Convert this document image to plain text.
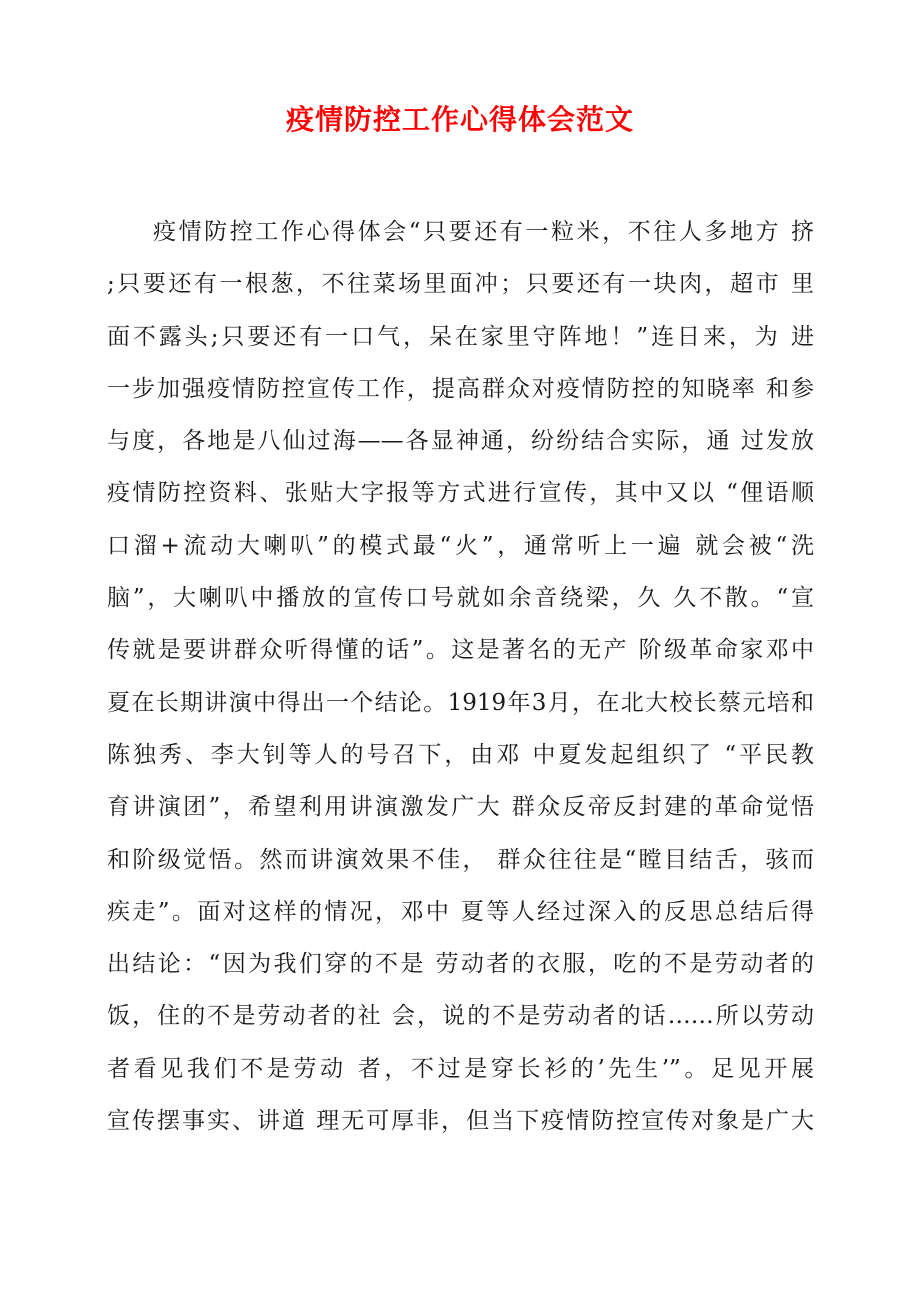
疫情防控工作心得体会范文
疫情防控工作心得体会“只要还有一粒米，不往人多地方 挤
;只要还有一根葱，不往菜场里面冲；只要还有一块肉，超市 里
面不露头;只要还有一口气，呆在家里守阵地！”连日来，为 进
一步加强疫情防控宣传工作，提高群众对疫情防控的知晓率 和参
与度，各地是八仙过海——各显神通，纷纷结合实际，通 过发放
疫情防控资料、张贴大字报等方式进行宣传，其中又以 “俚语顺
口溜+流动大喇叭”的模式最“火”，通常听上一遍 就会被“洗
脑”，大喇叭中播放的宣传口号就如余音绕梁，久 久不散。“宣
传就是要讲群众听得懂的话”。这是著名的无产 阶级革命家邓中
夏在长期讲演中得出一个结论。1919年3月，在北大校长蔡元培和
陈独秀、李大钊等人的号召下，由邓 中夏发起组织了 “平民教
育讲演团”，希望利用讲演激发广大 群众反帝反封建的革命觉悟
和阶级觉悟。然而讲演效果不佳， 群众往往是“瞠目结舌，骇而
疾走”。面对这样的情况，邓中 夏等人经过深入的反思总结后得
出结论：“因为我们穿的不是 劳动者的衣服，吃的不是劳动者的
饭，住的不是劳动者的社 会，说的不是劳动者的话……所以劳动
者看见我们不是劳动 者，不过是穿长衫的’先生’”。足见开展
宣传摆事实、讲道 理无可厚非，但当下疫情防控宣传对象是广大
